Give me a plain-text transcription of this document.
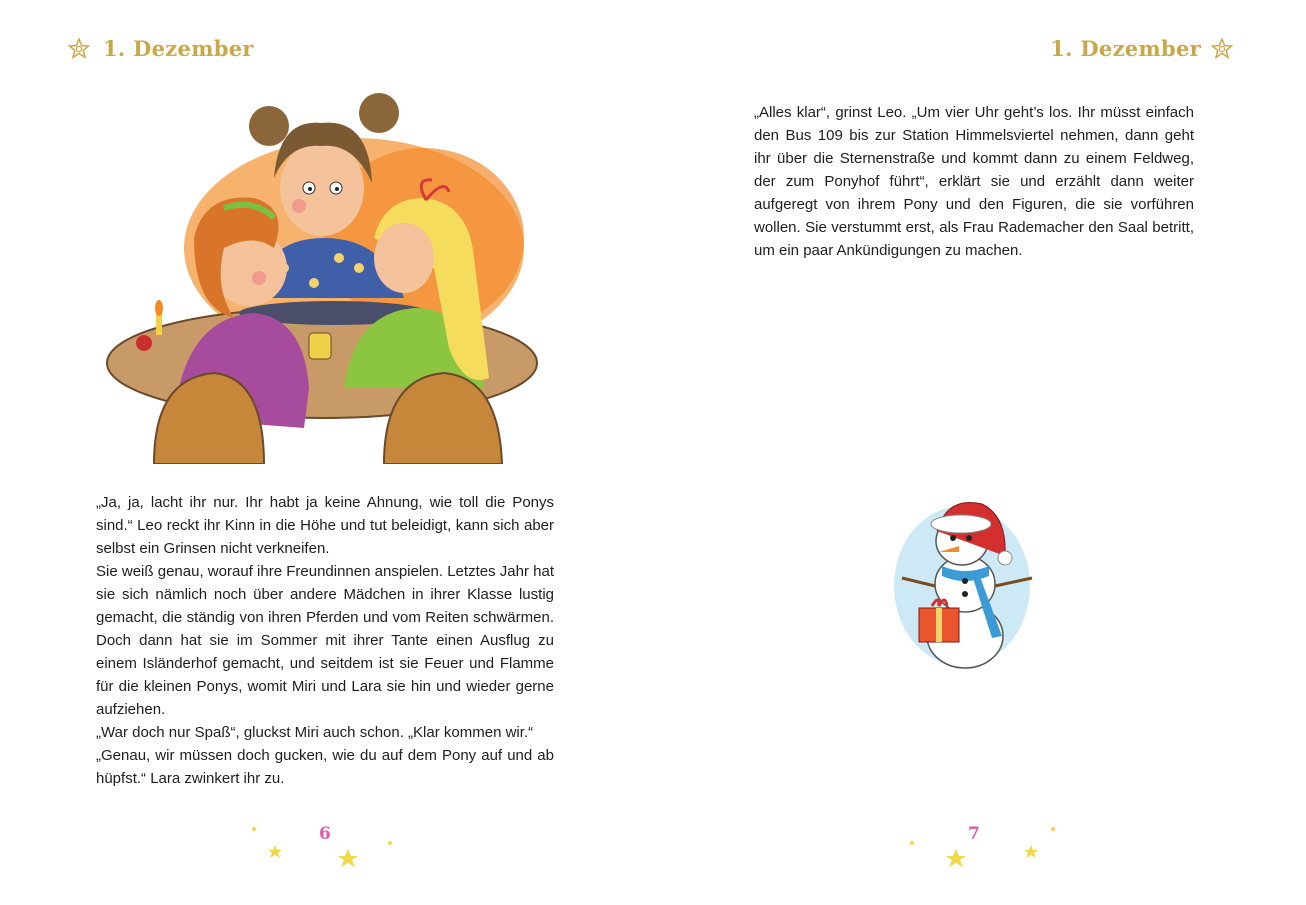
1. Dezember

„Ja, ja, lacht ihr nur. Ihr habt ja keine Ahnung, wie toll die Ponys sind.“ Leo reckt ihr Kinn in die Höhe und tut beleidigt, kann sich aber selbst ein Grinsen nicht verkneifen.

Sie weiß genau, worauf ihre Freundinnen anspielen. Letztes Jahr hat sie sich nämlich noch über andere Mädchen in ihrer Klasse lustig gemacht, die ständig von ihren Pferden und vom Reiten schwärmen. Doch dann hat sie im Sommer mit ihrer Tante einen Ausflug zu einem Isländerhof gemacht, und seitdem ist sie Feuer und Flamme für die kleinen Ponys, womit Miri und Lara sie hin und wieder gerne aufziehen.

„War doch nur Spaß“, gluckst Miri auch schon. „Klar kommen wir.“

„Genau, wir müssen doch gucken, wie du auf dem Pony auf und ab hüpfst.“ Lara zwinkert ihr zu.

6
1. Dezember

„Alles klar“, grinst Leo. „Um vier Uhr geht’s los. Ihr müsst einfach den Bus 109 bis zur Station Himmelsviertel nehmen, dann geht ihr über die Sternenstraße und kommt dann zu einem Feldweg, der zum Ponyhof führt“, erklärt sie und erzählt dann weiter aufgeregt von ihrem Pony und den Figuren, die sie vorführen wollen. Sie verstummt erst, als Frau Rademacher den Saal betritt, um ein paar Ankündigungen zu machen.

7
